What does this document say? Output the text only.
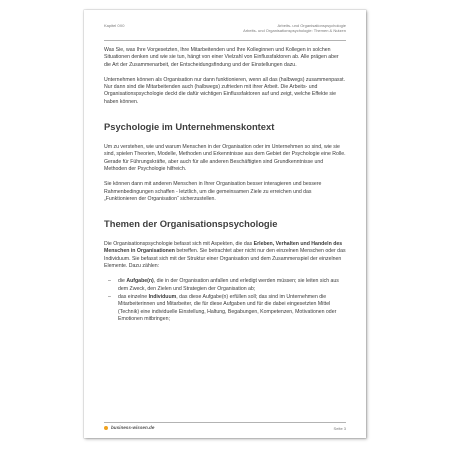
Kapitel 0X0	Arbeits- und Organisationspsychologie
Arbeits- und Organisationspsychologie: Themen & Nutzen

Was Sie, was Ihre Vorgesetzten, Ihre Mitarbeitenden und Ihre Kolleginnen und Kollegen in solchen Situationen denken und wie sie tun, hängt von einer Vielzahl von Einflussfaktoren ab. Alle prägen aber die Art der Zusammenarbeit, der Entscheidungsfindung und der Einstellungen dazu.

Unternehmen können als Organisation nur dann funktionieren, wenn all das (halbwegs) zusammenpasst. Nur dann sind die Mitarbeitenden auch (halbwegs) zufrieden mit ihrer Arbeit. Die Arbeits- und Organisationspsychologie deckt die dafür wichtigen Einflussfaktoren auf und zeigt, welche Effekte sie haben können.

Psychologie im Unternehmenskontext

Um zu verstehen, wie und warum Menschen in der Organisation oder im Unternehmen so sind, wie sie sind, spielen Theorien, Modelle, Methoden und Erkenntnisse aus dem Gebiet der Psychologie eine Rolle. Gerade für Führungskräfte, aber auch für alle anderen Beschäftigten sind Grundkenntnisse und Methoden der Psychologie hilfreich.

Sie können dann mit anderen Menschen in Ihrer Organisation besser interagieren und bessere Rahmenbedingungen schaffen - letztlich, um die gemeinsamen Ziele zu erreichen und das „Funktionieren der Organisation“ sicherzustellen.

Themen der Organisationspsychologie

Die Organisationspsychologie befasst sich mit Aspekten, die das Erleben, Verhalten und Handeln des Menschen in Organisationen betreffen. Sie betrachtet aber nicht nur den einzelnen Menschen oder das Individuum. Sie befasst sich mit der Struktur einer Organisation und dem Zusammenspiel der einzelnen Elemente. Dazu zählen:

– die Aufgabe(n), die in der Organisation anfallen und erledigt werden müssen; sie leiten sich aus dem Zweck, den Zielen und Strategien der Organisation ab;
– das einzelne Individuum, das diese Aufgabe(n) erfüllen soll; das sind im Unternehmen die Mitarbeiterinnen und Mitarbeiter, die für diese Aufgaben und für die dabei eingesetzten Mittel (Technik) eine individuelle Einstellung, Haltung, Begabungen, Kompetenzen, Motivationen oder Emotionen mitbringen;
business-wissen.de	Seite 3
